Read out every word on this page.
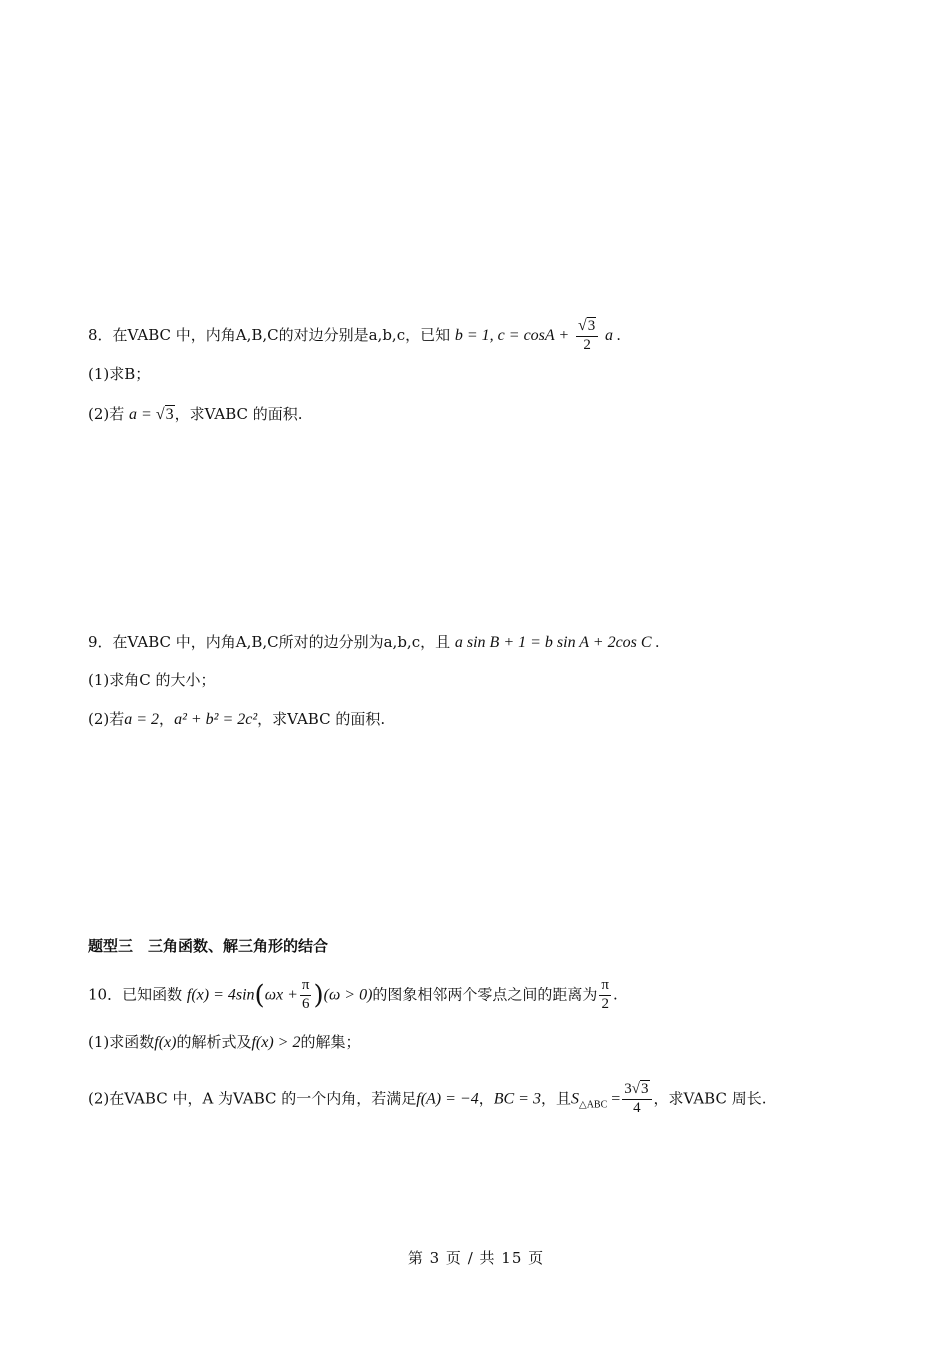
8．在VABC 中，内角A,B,C的对边分别是a,b,c，已知 b = 1, $c = \cos A + \frac{√3}{2}$ a .
(1)求B；
(2)若 a = √3，求VABC 的面积.
9．在VABC 中，内角A,B,C所对的边分别为a,b,c，且 a sin B + 1 = b sin A + 2cos C .
(1)求角C 的大小；
(2)若a = 2，a² + b² = 2c²，求VABC 的面积.
题型三　三角函数、解三角形的结合
10．已知函数 $f(x) = 4\sin(\omega x + \frac{\pi}{6} )(\omega > 0)$的图象相邻两个零点之间的距离为 $\frac{\pi}{2}$ .
(1)求函数f(x)的解析式及f(x) > 2的解集；
(2)在VABC 中，A 为VABC 的一个内角，若满足f(A) = −4，BC = 3，且$S_{\triangle ABC} = \frac{3√3}{4}$ ，求VABC 周长.
第 3 页 / 共 15 页
